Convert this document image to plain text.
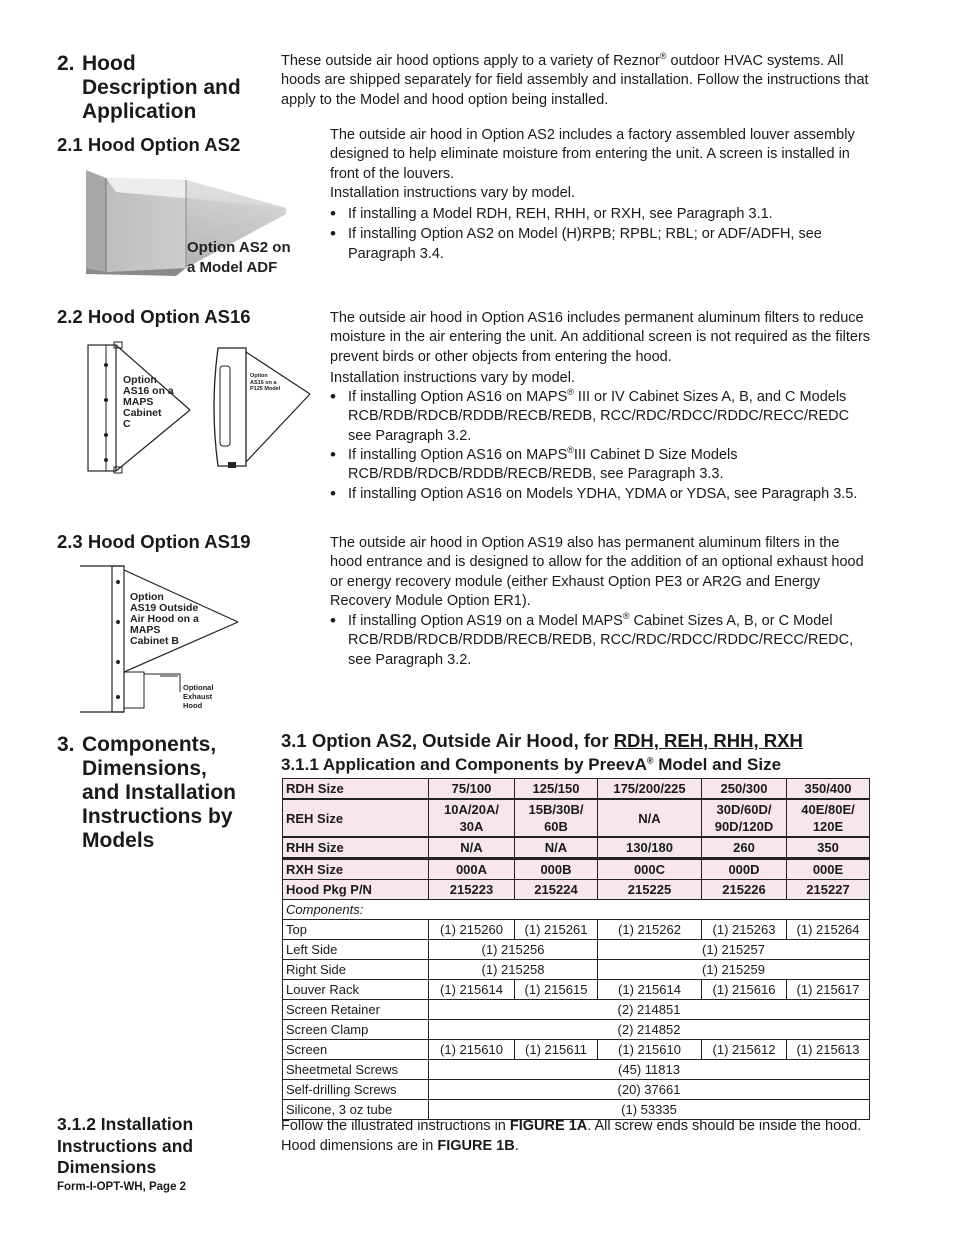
2. Hood
Description and
Application
These outside air hood options apply to a variety of Reznor® outdoor HVAC systems. All hoods are shipped separately for field assembly and installation. Follow the instructions that apply to the Model and hood option being installed.
2.1 Hood Option AS2
Option AS2 on
a Model ADF

The outside air hood in Option AS2 includes a factory assembled louver assembly designed to help eliminate moisture from entering the unit. A screen is installed in front of the louvers.

Installation instructions vary by model.

• If installing a Model RDH, REH, RHH, or RXH, see Paragraph 3.1.
• If installing Option AS2 on Model (H)RPB; RPBL; RBL; or ADF/ADFH, see Paragraph 3.4.
2.2 Hood Option AS16
Option
AS16 on a
MAPS
Cabinet
C
Option
AS16 on a
P125 Model

The outside air hood in Option AS16 includes permanent aluminum filters to reduce moisture in the air entering the unit. An additional screen is not required as the filters prevent birds or other objects from entering the hood.

Installation instructions vary by model.

• If installing Option AS16 on MAPS® III or IV Cabinet Sizes A, B, and C Models RCB/RDB/RDCB/RDDB/RECB/REDB, RCC/RDC/RDCC/RDDC/RECC/REDC see Paragraph 3.2.
• If installing Option AS16 on MAPS®III Cabinet D Size Models RCB/RDB/RDCB/RDDB/RECB/REDB, see Paragraph 3.3.
• If installing Option AS16 on Models YDHA, YDMA or YDSA, see Paragraph 3.5.
2.3 Hood Option AS19
Option
AS19 Outside
Air Hood on a
MAPS
Cabinet B
Optional
Exhaust
Hood

The outside air hood in Option AS19 also has permanent aluminum filters in the hood entrance and is designed to allow for the addition of an optional exhaust hood or energy recovery module (either Exhaust Option PE3 or AR2G and Energy Recovery Module Option ER1).

• If installing Option AS19 on a Model MAPS® Cabinet Sizes A, B, or C Model RCB/RDB/RDCB/RDDB/RECB/REDB, RCC/RDC/RDCC/RDDC/RECC/REDC, see Paragraph 3.2.
3. Components,
Dimensions,
and Installation
Instructions by
Models
3.1 Option AS2, Outside Air Hood, for RDH, REH, RHH, RXH
3.1.1 Application and Components by PreevA® Model and Size
RDH Size	75/100	125/150	175/200/225	250/300	350/400
REH Size	10A/20A/ 30A	15B/30B/ 60B	N/A	30D/60D/ 90D/120D	40E/80E/ 120E
RHH Size	N/A	N/A	130/180	260	350
RXH Size	000A	000B	000C	000D	000E
Hood Pkg P/N	215223	215224	215225	215226	215227
Components:					
Top	(1) 215260	(1) 215261	(1) 215262	(1) 215263	(1) 215264
Left Side	(1) 215256		(1) 215257		
Right Side	(1) 215258		(1) 215259		
Louver Rack	(1) 215614	(1) 215615	(1) 215614	(1) 215616	(1) 215617
Screen Retainer	(2) 214851				
Screen Clamp	(2) 214852				
Screen	(1) 215610	(1) 215611	(1) 215610	(1) 215612	(1) 215613
Sheetmetal Screws	(45) 11813				
Self-drilling Screws	(20) 37661				
Silicone, 3 oz tube	(1) 53335				
3.1.2 Installation
Instructions and
Dimensions

Follow the illustrated instructions in FIGURE 1A. All screw ends should be inside the hood.

Hood dimensions are in FIGURE 1B.

Form-I-OPT-WH, Page 2
